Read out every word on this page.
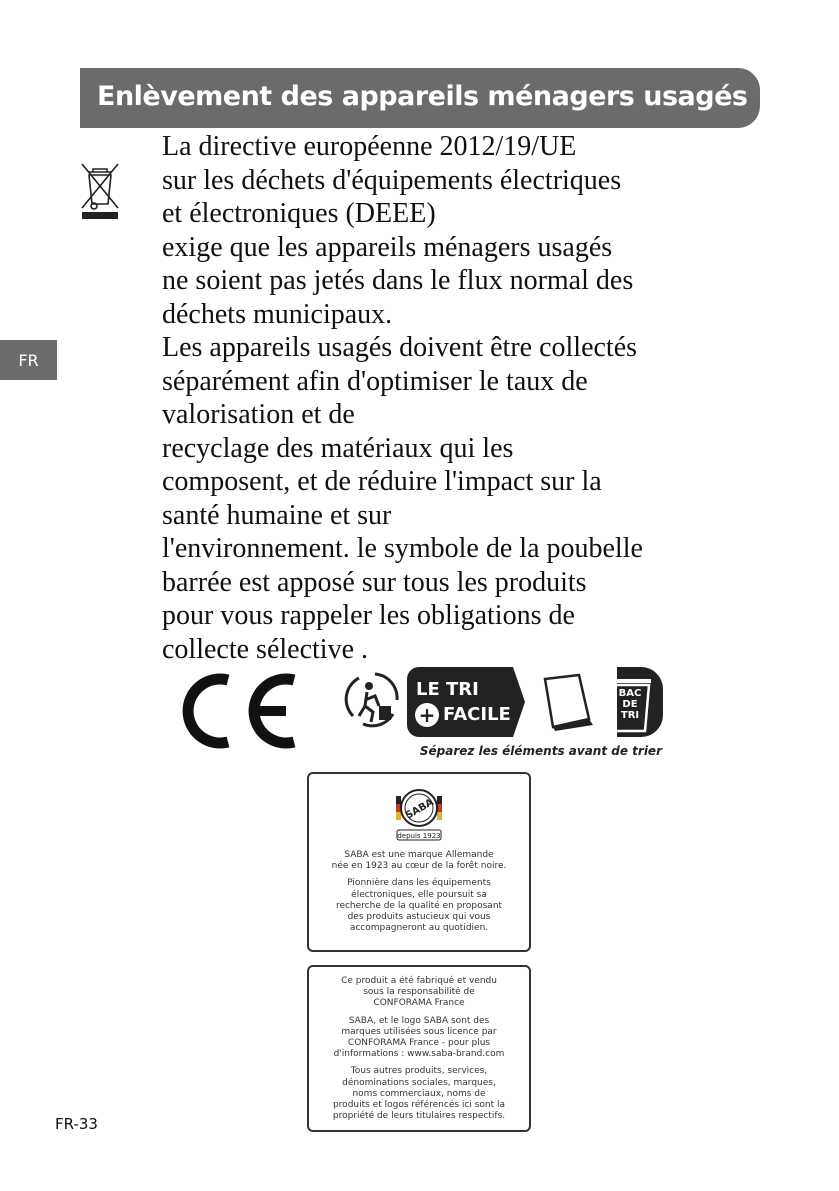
Enlèvement des appareils ménagers usagés
FR
La directive européenne 2012/19/UE
sur les déchets d'équipements électriques
et électroniques (DEEE)
exige que les appareils ménagers usagés
ne soient pas jetés dans le flux normal des
déchets municipaux.
Les appareils usagés doivent être collectés
séparément afin d'optimiser le taux de
valorisation et de
recyclage des matériaux qui les
composent, et de réduire l'impact sur la
santé humaine et sur
l'environnement. le symbole de la poubelle
barrée est apposé sur tous les produits
pour vous rappeler les obligations de
collecte sélective .
LE TRI
+ FACILE
BAC
DE
TRI
Séparez les éléments avant de trier
SABA
depuis 1923
SABA est une marque Allemande
née en 1923 au cœur de la forêt noire.
Pionnière dans les équipements
électroniques, elle poursuit sa
recherche de la qualité en proposant
des produits astucieux qui vous
accompagneront au quotidien.
Ce produit a été fabriqué et vendu
sous la responsabilité de
CONFORAMA France
SABA, et le logo SABA sont des
marques utilisées sous licence par
CONFORAMA France - pour plus
d'informations : www.saba-brand.com
Tous autres produits, services,
dénominations sociales, marques,
noms commerciaux, noms de
produits et logos référencés ici sont la
propriété de leurs titulaires respectifs.
FR-33
